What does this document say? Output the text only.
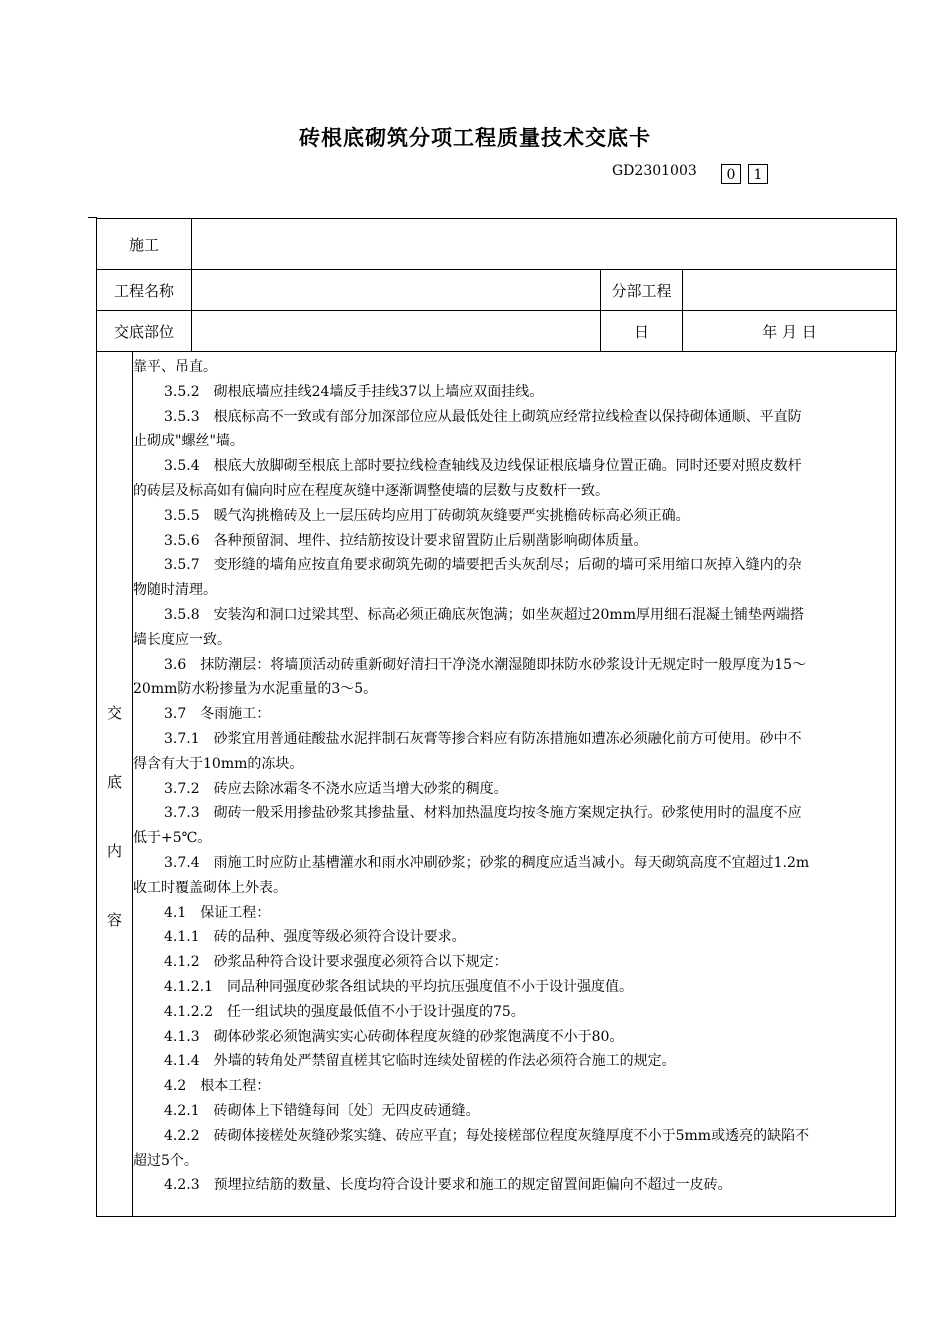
砖根底砌筑分项工程质量技术交底卡
GD2301003	0	1
施工			
工程名称		分部工程	
交底部位		日	年 月 日
交
底
内
容
靠平、吊直。
3.5.2　砌根底墙应挂线24墙反手挂线37以上墙应双面挂线。
3.5.3　根底标高不一致或有部分加深部位应从最低处往上砌筑应经常拉线检查以保持砌体通顺、平直防
止砌成"螺丝"墙。
3.5.4　根底大放脚砌至根底上部时要拉线检查轴线及边线保证根底墙身位置正确。同时还要对照皮数杆
的砖层及标高如有偏向时应在程度灰缝中逐渐调整使墙的层数与皮数杆一致。
3.5.5　暖气沟挑檐砖及上一层压砖均应用丁砖砌筑灰缝要严实挑檐砖标高必须正确。
3.5.6　各种预留洞、埋件、拉结筋按设计要求留置防止后剔凿影响砌体质量。
3.5.7　变形缝的墙角应按直角要求砌筑先砌的墙要把舌头灰刮尽；后砌的墙可采用缩口灰掉入缝内的杂
物随时清理。
3.5.8　安装沟和洞口过梁其型、标高必须正确底灰饱满；如坐灰超过20mm厚用细石混凝土铺垫两端搭
墙长度应一致。
3.6　抹防潮层：将墙顶活动砖重新砌好清扫干净浇水潮湿随即抹防水砂浆设计无规定时一般厚度为15～
20mm防水粉掺量为水泥重量的3～5。
3.7　冬雨施工：
3.7.1　砂浆宜用普通硅酸盐水泥拌制石灰膏等掺合料应有防冻措施如遭冻必须融化前方可使用。砂中不
得含有大于10mm的冻块。
3.7.2　砖应去除冰霜冬不浇水应适当增大砂浆的稠度。
3.7.3　砌砖一般采用掺盐砂浆其掺盐量、材料加热温度均按冬施方案规定执行。砂浆使用时的温度不应
低于+5℃。
3.7.4　雨施工时应防止基槽灌水和雨水冲刷砂浆；砂浆的稠度应适当减小。每天砌筑高度不宜超过1.2m
收工时覆盖砌体上外表。
4.1　保证工程：
4.1.1　砖的品种、强度等级必须符合设计要求。
4.1.2　砂浆品种符合设计要求强度必须符合以下规定：
4.1.2.1　同品种同强度砂浆各组试块的平均抗压强度值不小于设计强度值。
4.1.2.2　任一组试块的强度最低值不小于设计强度的75。
4.1.3　砌体砂浆必须饱满实实心砖砌体程度灰缝的砂浆饱满度不小于80。
4.1.4　外墙的转角处严禁留直槎其它临时连续处留槎的作法必须符合施工的规定。
4.2　根本工程：
4.2.1　砖砌体上下错缝每间〔处〕无四皮砖通缝。
4.2.2　砖砌体接槎处灰缝砂浆实缝、砖应平直；每处接槎部位程度灰缝厚度不小于5mm或透亮的缺陷不
超过5个。
4.2.3　预埋拉结筋的数量、长度均符合设计要求和施工的规定留置间距偏向不超过一皮砖。
